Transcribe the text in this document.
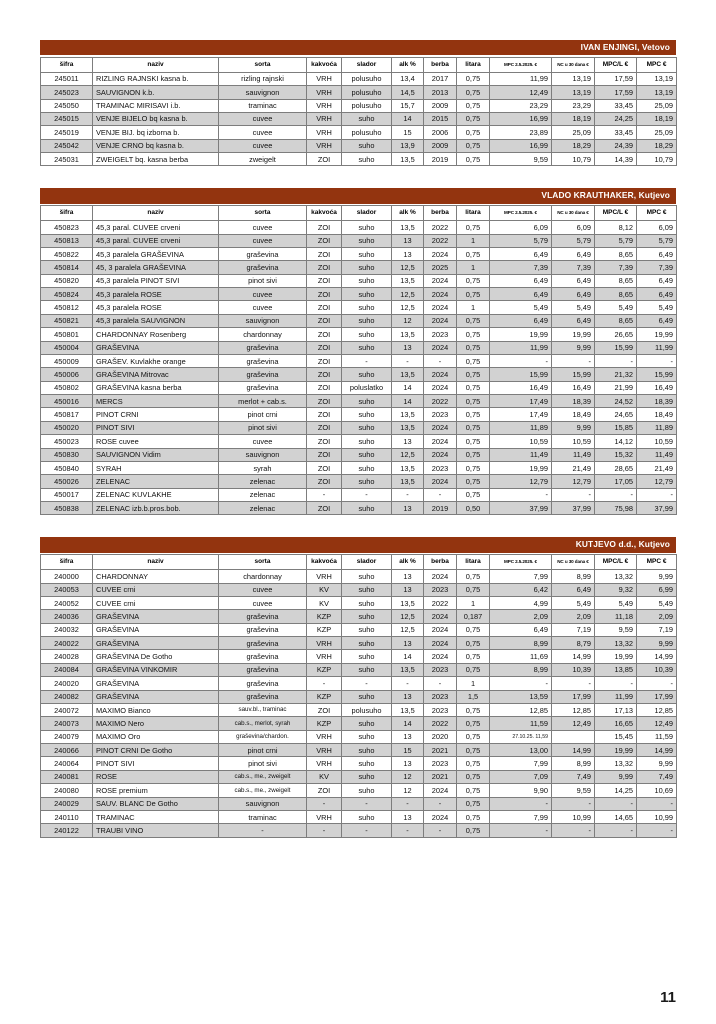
IVAN ENJINGI, Vetovo
šifra	naziv	sorta	kakvoća	slador	alk %	berba	litara	MPC 2.5.2025. €	NC u 30 dana €	MPC/L €	MPC €
245011	RIZLING RAJNSKI kasna b.	rizling rajnski	VRH	polusuho	13,4	2017	0,75	11,99	13,19	17,59	13,19
245023	SAUVIGNON k.b.	sauvignon	VRH	polusuho	14,5	2013	0,75	12,49	13,19	17,59	13,19
245050	TRAMINAC MIRISAVI i.b.	traminac	VRH	polusuho	15,7	2009	0,75	23,29	23,29	33,45	25,09
245015	VENJE BIJELO bq kasna b.	cuvee	VRH	suho	14	2015	0,75	16,99	18,19	24,25	18,19
245019	VENJE BIJ. bq izborna b.	cuvee	VRH	polusuho	15	2006	0,75	23,89	25,09	33,45	25,09
245042	VENJE CRNO bq kasna b.	cuvee	VRH	suho	13,9	2009	0,75	16,99	18,29	24,39	18,29
245031	ZWEIGELT bq. kasna berba	zweigelt	ZOI	suho	13,5	2019	0,75	9,59	10,79	14,39	10,79
VLADO KRAUTHAKER, Kutjevo
šifra	naziv	sorta	kakvoća	slador	alk %	berba	litara	MPC 2.5.2025. €	NC u 30 dana €	MPC/L €	MPC €
450823	45,3 paral. CUVEE crveni	cuvee	ZOI	suho	13,5	2022	0,75	6,09	6,09	8,12	6,09
450813	45,3 paral. CUVEE crveni	cuvee	ZOI	suho	13	2022	1	5,79	5,79	5,79	5,79
450822	45,3 paralela GRAŠEVINA	graševina	ZOI	suho	13	2024	0,75	6,49	6,49	8,65	6,49
450814	45, 3 paralela GRAŠEVINA	graševina	ZOI	suho	12,5	2025	1	7,39	7,39	7,39	7,39
450820	45,3 paralela PINOT SIVI	pinot sivi	ZOI	suho	13,5	2024	0,75	6,49	6,49	8,65	6,49
450824	45,3 paralela ROSE	cuvee	ZOI	suho	12,5	2024	0,75	6,49	6,49	8,65	6,49
450812	45,3 paralela ROSE	cuvee	ZOI	suho	12,5	2024	1	5,49	5,49	5,49	5,49
450821	45,3 paralela SAUVIGNON	sauvignon	ZOI	suho	12	2024	0,75	6,49	6,49	8,65	6,49
450801	CHARDONNAY Rosenberg	chardonnay	ZOI	suho	13,5	2023	0,75	19,99	19,99	26,65	19,99
450004	GRAŠEVINA	graševina	ZOI	suho	13	2024	0,75	11,99	9,99	15,99	11,99
450009	GRAŠEV. Kuvlakhe orange	graševina	ZOI	-	-	-	0,75	-	-	-	-
450006	GRAŠEVINA Mitrovac	graševina	ZOI	suho	13,5	2024	0,75	15,99	15,99	21,32	15,99
450802	GRAŠEVINA kasna berba	graševina	ZOI	poluslatko	14	2024	0,75	16,49	16,49	21,99	16,49
450016	MERCS	merlot + cab.s.	ZOI	suho	14	2022	0,75	17,49	18,39	24,52	18,39
450817	PINOT CRNI	pinot crni	ZOI	suho	13,5	2023	0,75	17,49	18,49	24,65	18,49
450020	PINOT SIVI	pinot sivi	ZOI	suho	13,5	2024	0,75	11,89	9,99	15,85	11,89
450023	ROSE cuvee	cuvee	ZOI	suho	13	2024	0,75	10,59	10,59	14,12	10,59
450830	SAUVIGNON Vidim	sauvignon	ZOI	suho	12,5	2024	0,75	11,49	11,49	15,32	11,49
450840	SYRAH	syrah	ZOI	suho	13,5	2023	0,75	19,99	21,49	28,65	21,49
450026	ZELENAC	zelenac	ZOI	suho	13,5	2024	0,75	12,79	12,79	17,05	12,79
450017	ZELENAC KUVLAKHE	zelenac	-	-	-	-	0,75	-	-	-	-
450838	ZELENAC izb.b.pros.bob.	zelenac	ZOI	suho	13	2019	0,50	37,99	37,99	75,98	37,99
KUTJEVO d.d., Kutjevo
šifra	naziv	sorta	kakvoća	slador	alk %	berba	litara	MPC 2.5.2025. €	NC u 30 dana €	MPC/L €	MPC €
240000	CHARDONNAY	chardonnay	VRH	suho	13	2024	0,75	7,99	8,99	13,32	9,99
240053	CUVEE crni	cuvee	KV	suho	13	2023	0,75	6,42	6,49	9,32	6,99
240052	CUVEE crni	cuvee	KV	suho	13,5	2022	1	4,99	5,49	5,49	5,49
240036	GRAŠEVINA	graševina	KZP	suho	12,5	2024	0,187	2,09	2,09	11,18	2,09
240032	GRAŠEVINA	graševina	KZP	suho	12,5	2024	0,75	6,49	7,19	9,59	7,19
240022	GRAŠEVINA	graševina	VRH	suho	13	2024	0,75	8,99	8,79	13,32	9,99
240028	GRAŠEVINA De Gotho	graševina	VRH	suho	14	2024	0,75	11,69	14,99	19,99	14,99
240084	GRAŠEVINA VINKOMIR	graševina	KZP	suho	13,5	2023	0,75	8,99	10,39	13,85	10,39
240020	GRAŠEVINA	graševina	-	-	-	-	1	-	-	-	-
240082	GRAŠEVINA	graševina	KZP	suho	13	2023	1,5	13,59	17,99	11,99	17,99
240072	MAXIMO Bianco	sauv.bl., traminac	ZOI	polusuho	13,5	2023	0,75	12,85	12,85	17,13	12,85
240073	MAXIMO Nero	cab.s., merlot, syrah	KZP	suho	14	2022	0,75	11,59	12,49	16,65	12,49
240079	MAXIMO Oro	graševina/chardon.	VRH	suho	13	2020	0,75	27.10.25. 11,59		15,45	11,59
240066	PINOT CRNI De Gotho	pinot crni	VRH	suho	15	2021	0,75	13,00	14,99	19,99	14,99
240064	PINOT SIVI	pinot sivi	VRH	suho	13	2023	0,75	7,99	8,99	13,32	9,99
240081	ROSE	cab.s., me., zweigelt	KV	suho	12	2021	0,75	7,09	7,49	9,99	7,49
240080	ROSE premium	cab.s., me., zweigelt	ZOI	suho	12	2024	0,75	9,90	9,59	14,25	10,69
240029	SAUV. BLANC De Gotho	sauvignon	-	-	-	-	0,75	-	-	-	-
240110	TRAMINAC	traminac	VRH	suho	13	2024	0,75	7,99	10,99	14,65	10,99
240122	TRAUBI VINO	-	-	-	-	-	0,75	-	-	-	-
11
